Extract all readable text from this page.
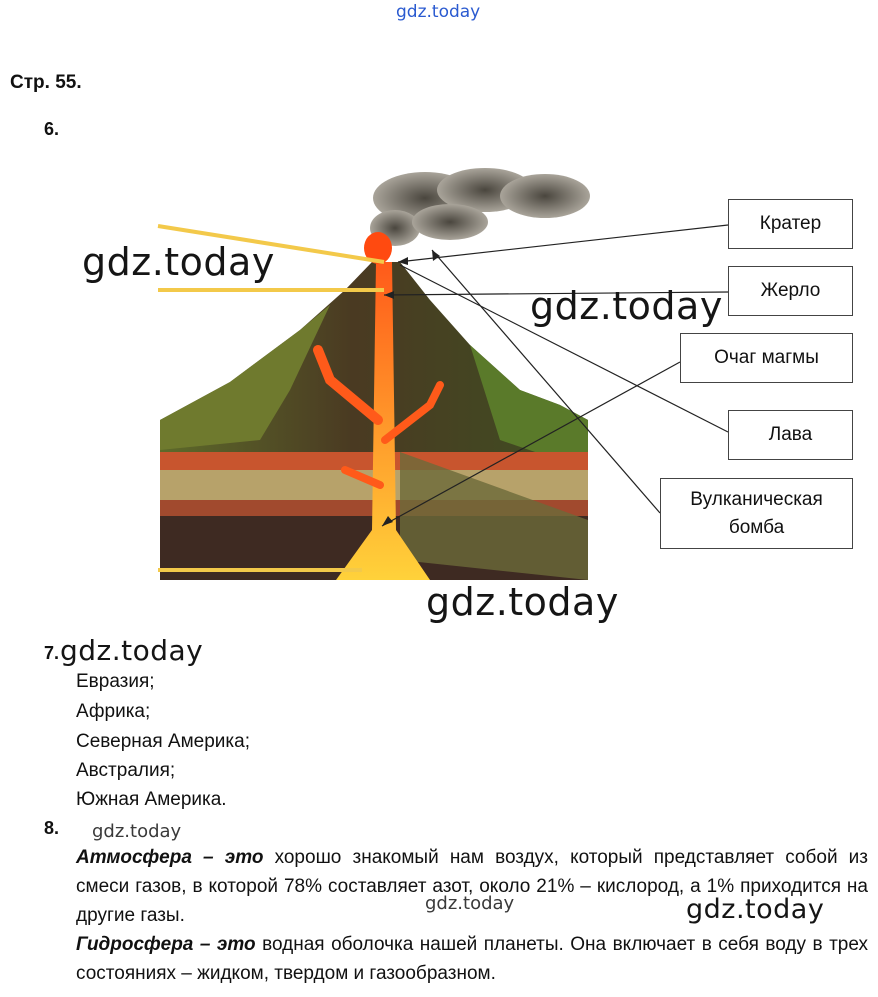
gdz.today
Стр. 55.
6.
Кратер
Жерло
Очаг магмы
Лава
Вулканическая
бомба
gdz.today
gdz.today
gdz.today
7. gdz.today
Евразия;
Африка;
Северная Америка;
Австралия;
Южная Америка.
8. gdz.today
Атмосфера – это хорошо знакомый нам воздух, который представляет собой из смеси газов, в которой 78% составляет азот, около 21% – кислород, а 1% приходится на другие газы.
Гидросфера – это водная оболочка нашей планеты. Она включает в себя воду в трех состояниях – жидком, твердом и газообразном.
gdz.today	gdz.today
